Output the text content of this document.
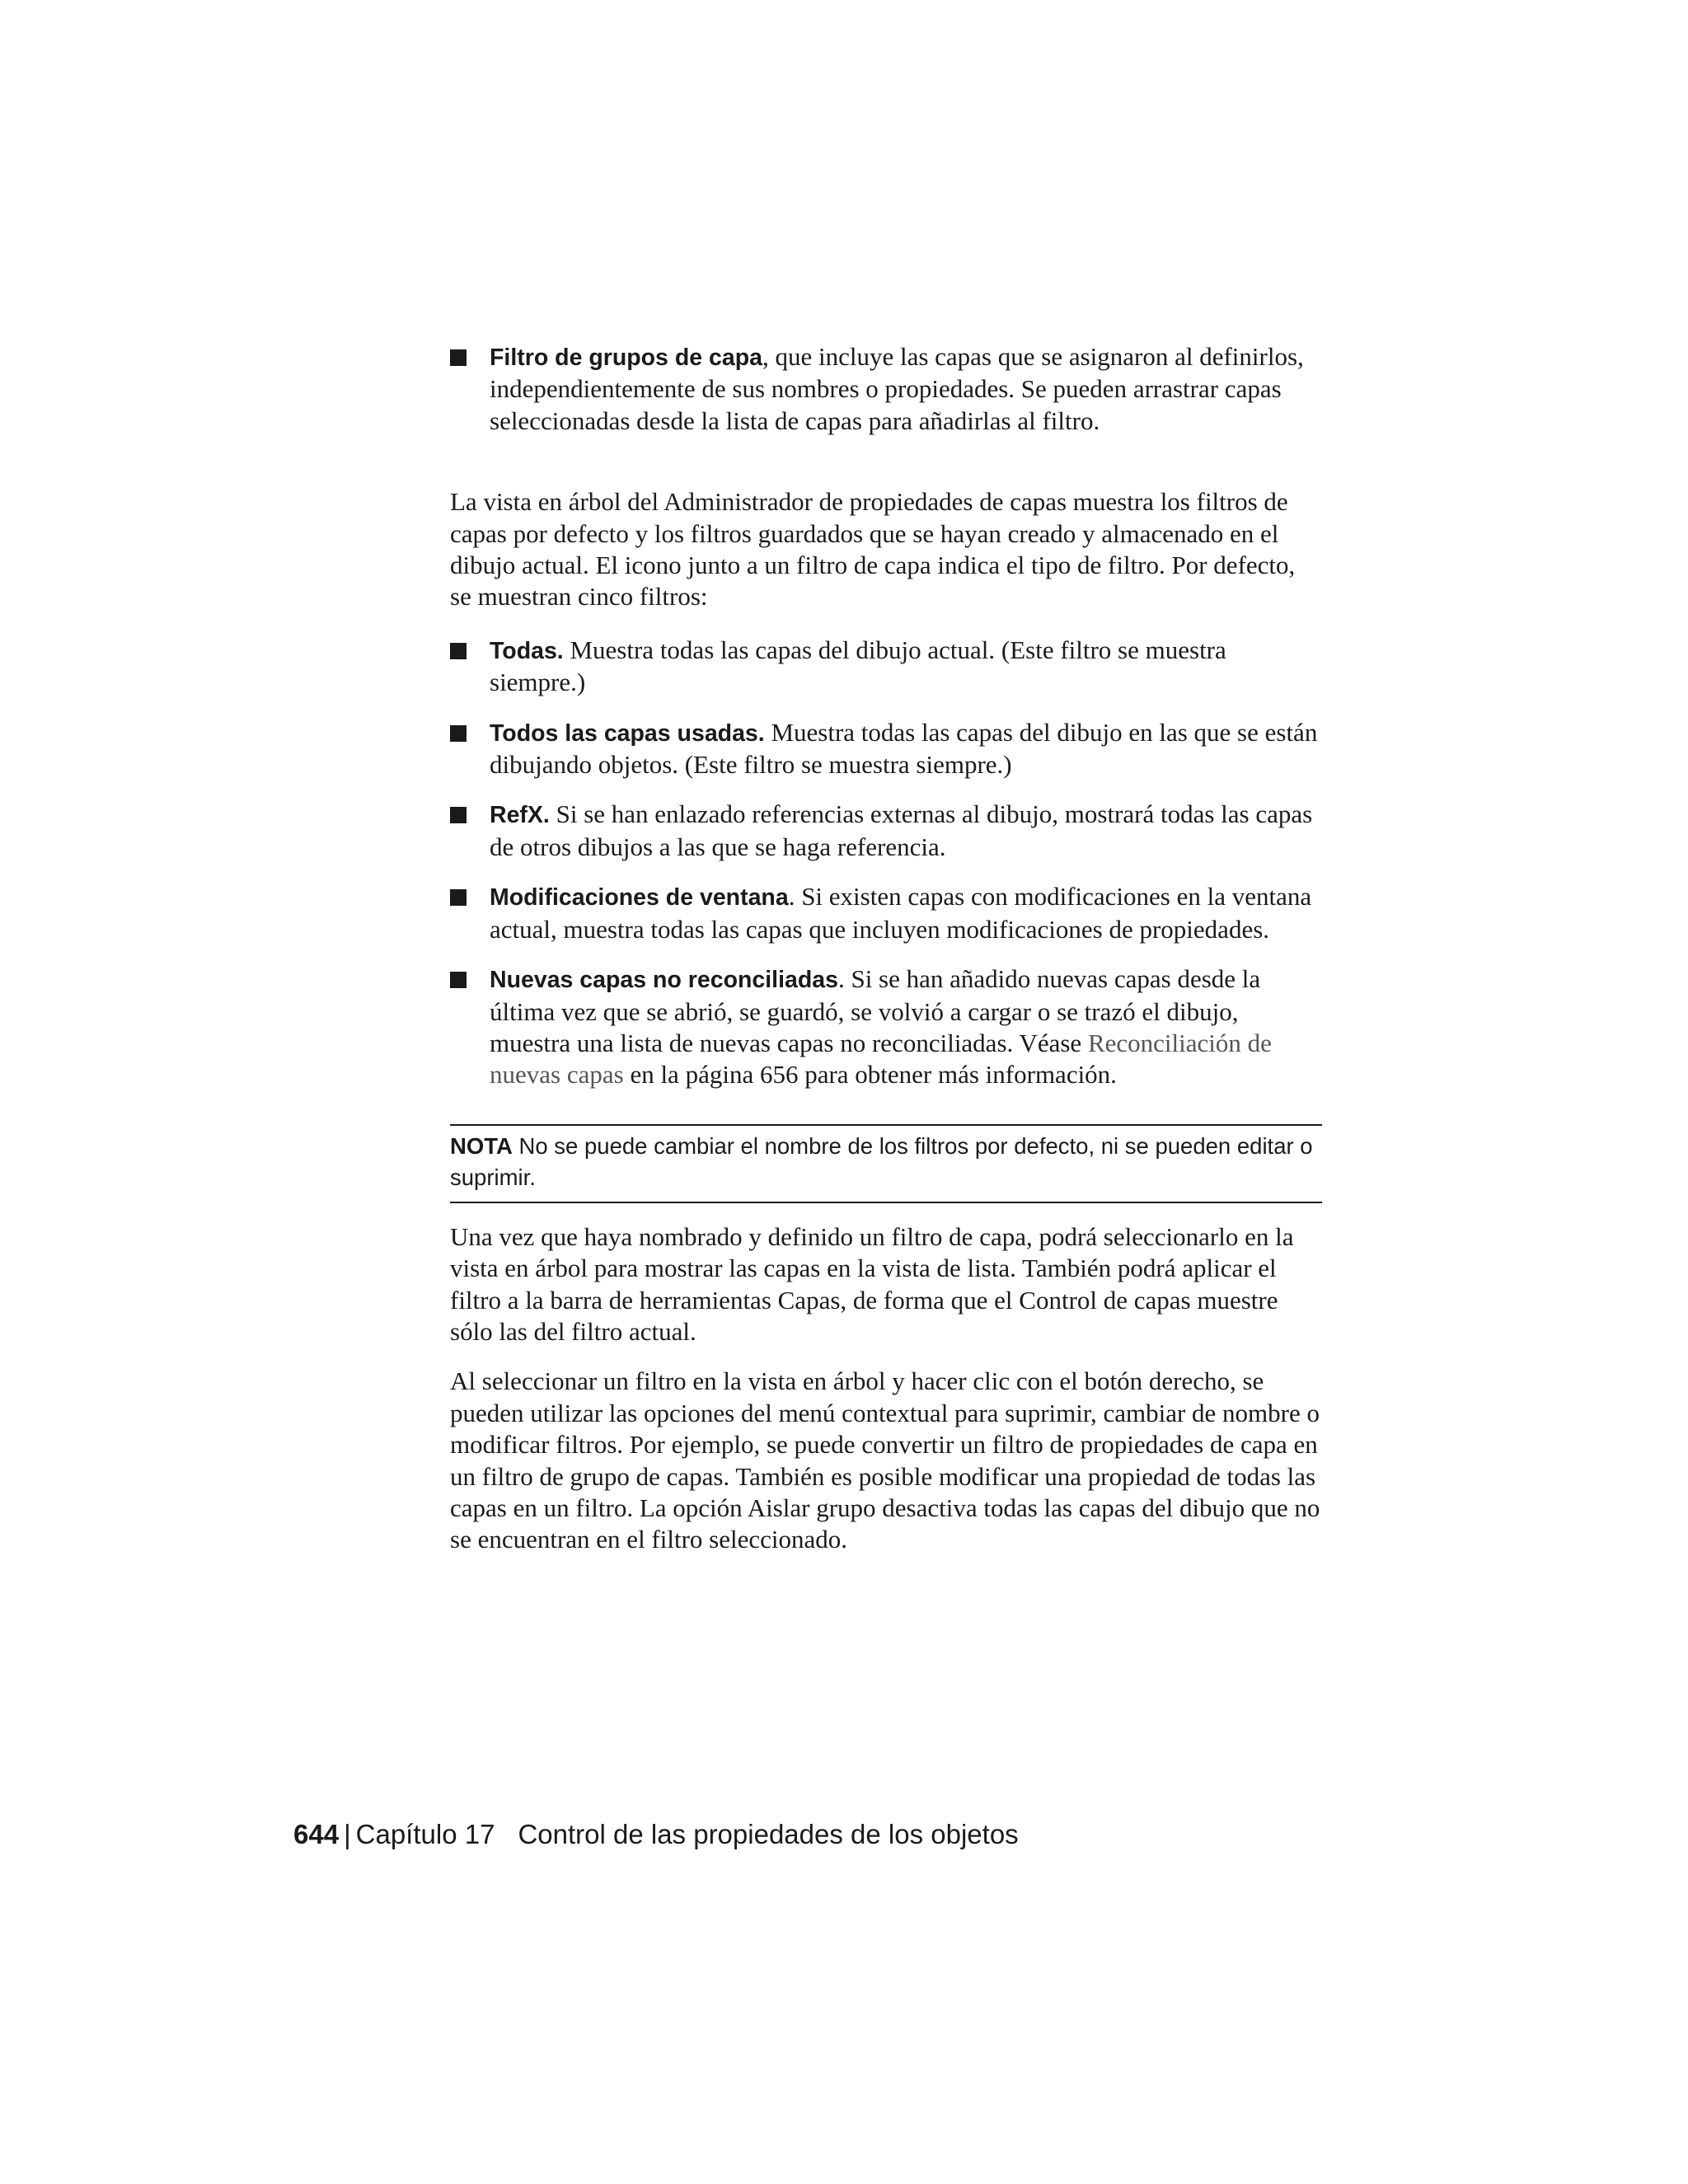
Filtro de grupos de capa, que incluye las capas que se asignaron al definirlos, independientemente de sus nombres o propiedades. Se pueden arrastrar capas seleccionadas desde la lista de capas para añadirlas al filtro.

La vista en árbol del Administrador de propiedades de capas muestra los filtros de capas por defecto y los filtros guardados que se hayan creado y almacenado en el dibujo actual. El icono junto a un filtro de capa indica el tipo de filtro. Por defecto, se muestran cinco filtros:

Todas. Muestra todas las capas del dibujo actual. (Este filtro se muestra siempre.)
Todos las capas usadas. Muestra todas las capas del dibujo en las que se están dibujando objetos. (Este filtro se muestra siempre.)
RefX. Si se han enlazado referencias externas al dibujo, mostrará todas las capas de otros dibujos a las que se haga referencia.
Modificaciones de ventana. Si existen capas con modificaciones en la ventana actual, muestra todas las capas que incluyen modificaciones de propiedades.
Nuevas capas no reconciliadas. Si se han añadido nuevas capas desde la última vez que se abrió, se guardó, se volvió a cargar o se trazó el dibujo, muestra una lista de nuevas capas no reconciliadas. Véase Reconciliación de nuevas capas en la página 656 para obtener más información.
NOTA No se puede cambiar el nombre de los filtros por defecto, ni se pueden editar o suprimir.

Una vez que haya nombrado y definido un filtro de capa, podrá seleccionarlo en la vista en árbol para mostrar las capas en la vista de lista. También podrá aplicar el filtro a la barra de herramientas Capas, de forma que el Control de capas muestre sólo las del filtro actual.

Al seleccionar un filtro en la vista en árbol y hacer clic con el botón derecho, se pueden utilizar las opciones del menú contextual para suprimir, cambiar de nombre o modificar filtros. Por ejemplo, se puede convertir un filtro de propiedades de capa en un filtro de grupo de capas. También es posible modificar una propiedad de todas las capas en un filtro. La opción Aislar grupo desactiva todas las capas del dibujo que no se encuentran en el filtro seleccionado.

644 | Capítulo 17 Control de las propiedades de los objetos
